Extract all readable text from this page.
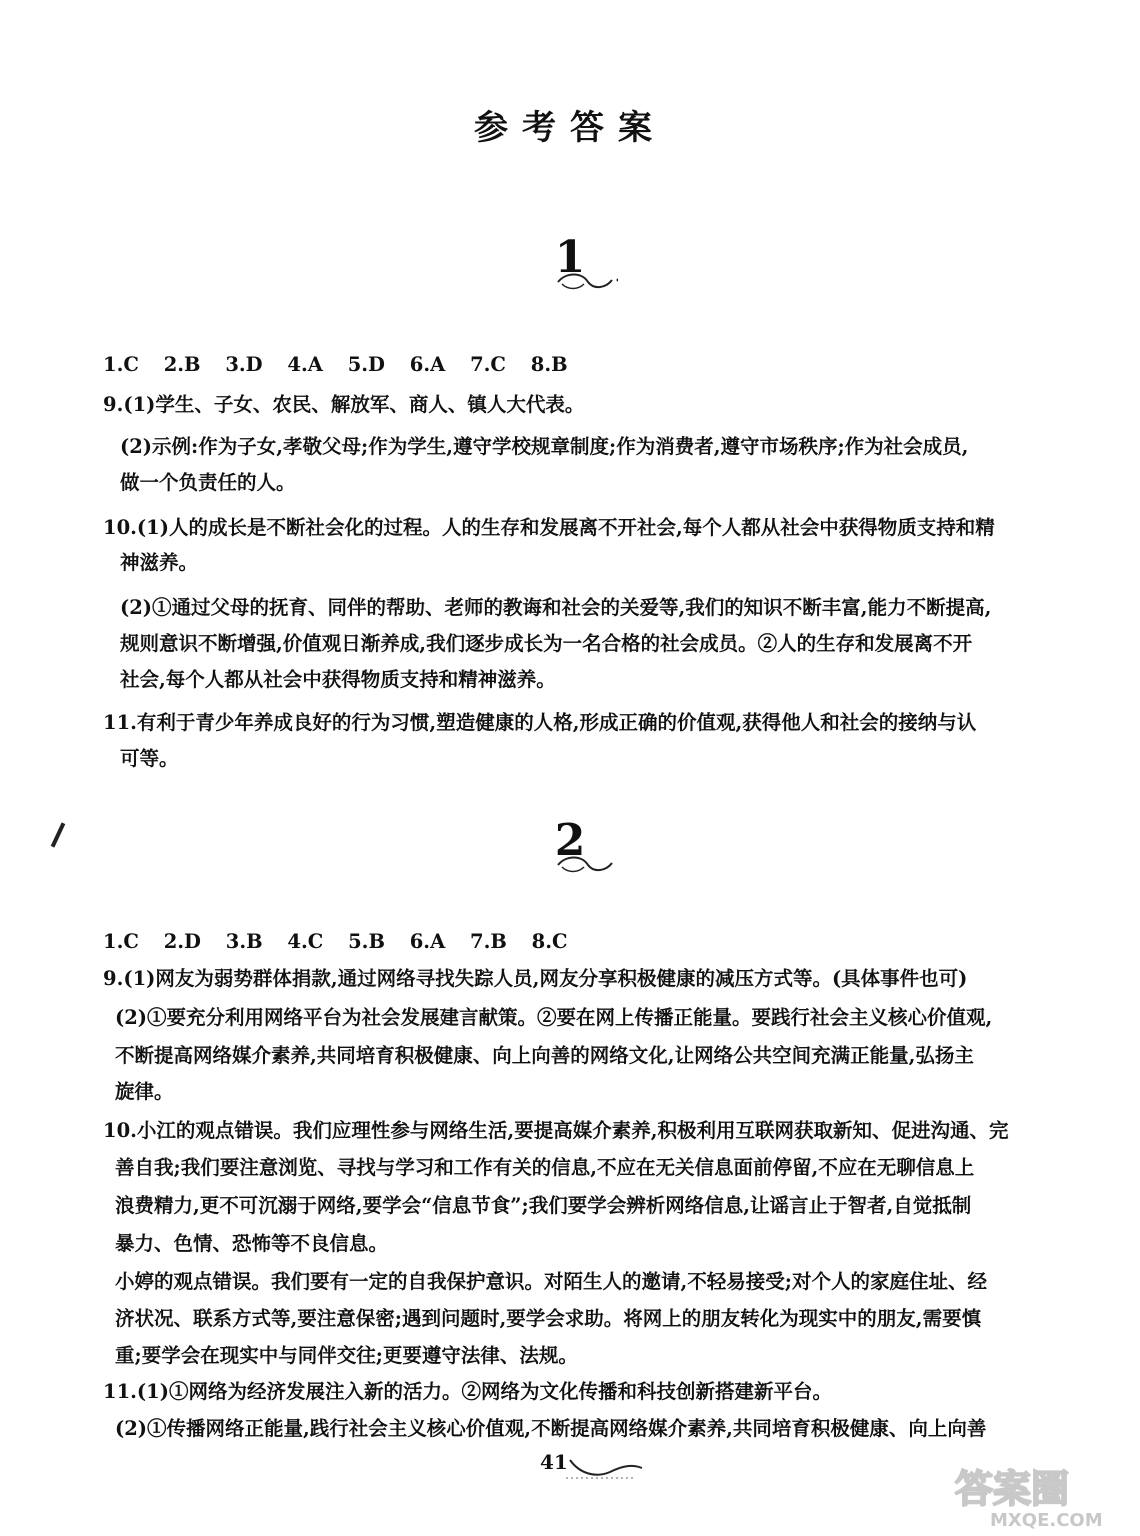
参考答案
1
1.C 2.B 3.D 4.A 5.D 6.A 7.C 8.B
9.(1)学生、子女、农民、解放军、商人、镇人大代表。
(2)示例:作为子女,孝敬父母;作为学生,遵守学校规章制度;作为消费者,遵守市场秩序;作为社会成员,
做一个负责任的人。
10.(1)人的成长是不断社会化的过程。人的生存和发展离不开社会,每个人都从社会中获得物质支持和精
神滋养。
(2)①通过父母的抚育、同伴的帮助、老师的教诲和社会的关爱等,我们的知识不断丰富,能力不断提高,
规则意识不断增强,价值观日渐养成,我们逐步成长为一名合格的社会成员。②人的生存和发展离不开
社会,每个人都从社会中获得物质支持和精神滋养。
11.有利于青少年养成良好的行为习惯,塑造健康的人格,形成正确的价值观,获得他人和社会的接纳与认
可等。
2
1.C 2.D 3.B 4.C 5.B 6.A 7.B 8.C
9.(1)网友为弱势群体捐款,通过网络寻找失踪人员,网友分享积极健康的减压方式等。(具体事件也可)
(2)①要充分利用网络平台为社会发展建言献策。②要在网上传播正能量。要践行社会主义核心价值观,
不断提高网络媒介素养,共同培育积极健康、向上向善的网络文化,让网络公共空间充满正能量,弘扬主
旋律。
10.小江的观点错误。我们应理性参与网络生活,要提高媒介素养,积极利用互联网获取新知、促进沟通、完
善自我;我们要注意浏览、寻找与学习和工作有关的信息,不应在无关信息面前停留,不应在无聊信息上
浪费精力,更不可沉溺于网络,要学会“信息节食”;我们要学会辨析网络信息,让谣言止于智者,自觉抵制
暴力、色情、恐怖等不良信息。
小婷的观点错误。我们要有一定的自我保护意识。对陌生人的邀请,不轻易接受;对个人的家庭住址、经
济状况、联系方式等,要注意保密;遇到问题时,要学会求助。将网上的朋友转化为现实中的朋友,需要慎
重;要学会在现实中与同伴交往;更要遵守法律、法规。
11.(1)①网络为经济发展注入新的活力。②网络为文化传播和科技创新搭建新平台。
(2)①传播网络正能量,践行社会主义核心价值观,不断提高网络媒介素养,共同培育积极健康、向上向善
41
答案圈
MXQE.COM
